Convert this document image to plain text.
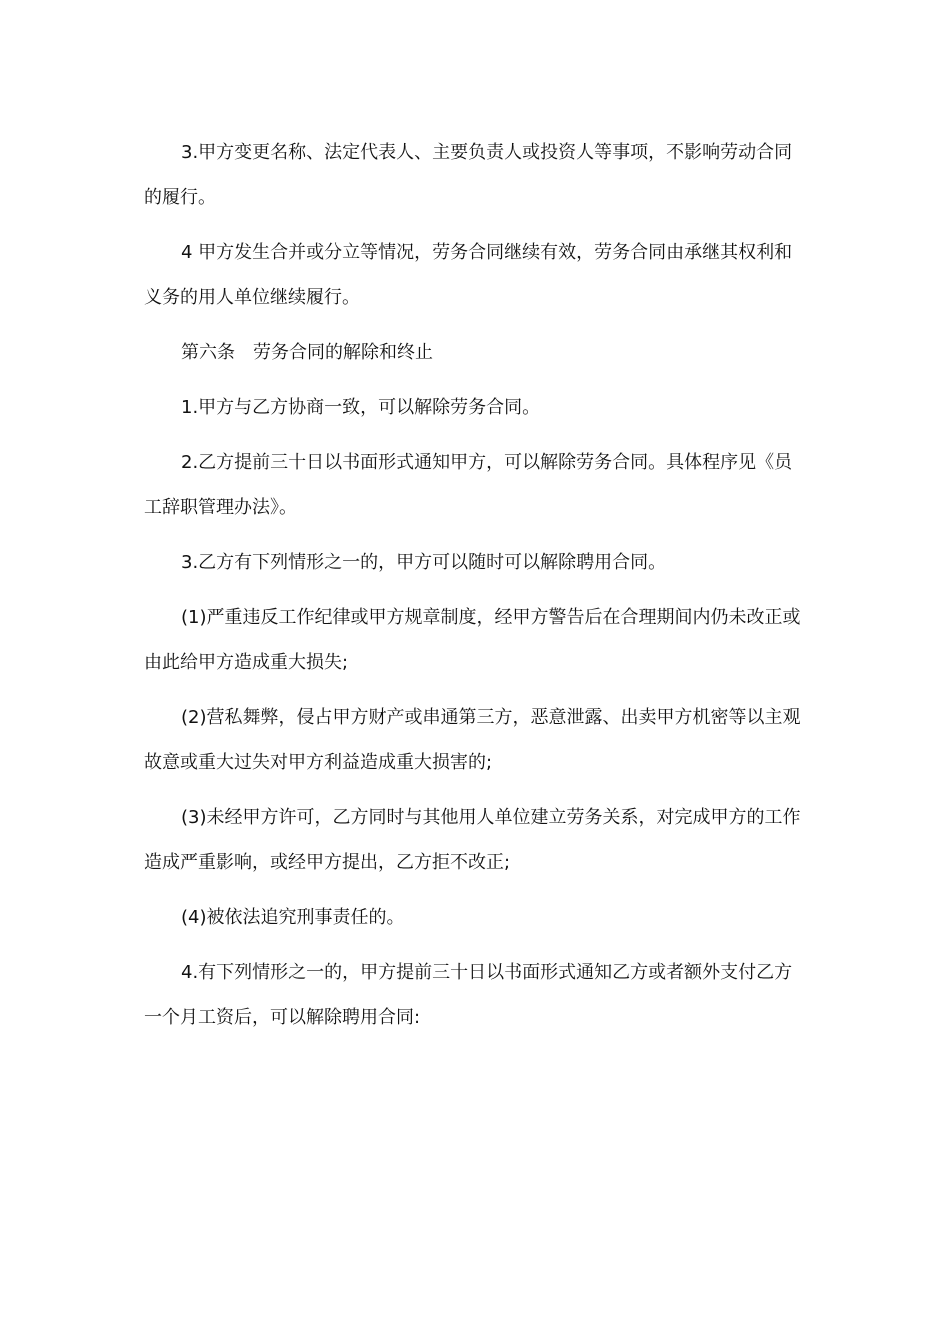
3.甲方变更名称、法定代表人、主要负责人或投资人等事项，不影响劳动合同的履行。

4 甲方发生合并或分立等情况，劳务合同继续有效，劳务合同由承继其权利和义务的用人单位继续履行。

第六条　劳务合同的解除和终止

1.甲方与乙方协商一致，可以解除劳务合同。

2.乙方提前三十日以书面形式通知甲方，可以解除劳务合同。具体程序见《员工辞职管理办法》。

3.乙方有下列情形之一的，甲方可以随时可以解除聘用合同。

(1)严重违反工作纪律或甲方规章制度，经甲方警告后在合理期间内仍未改正或由此给甲方造成重大损失;

(2)营私舞弊，侵占甲方财产或串通第三方，恶意泄露、出卖甲方机密等以主观故意或重大过失对甲方利益造成重大损害的;

(3)未经甲方许可，乙方同时与其他用人单位建立劳务关系，对完成甲方的工作造成严重影响，或经甲方提出，乙方拒不改正;

(4)被依法追究刑事责任的。

4.有下列情形之一的，甲方提前三十日以书面形式通知乙方或者额外支付乙方一个月工资后，可以解除聘用合同:
